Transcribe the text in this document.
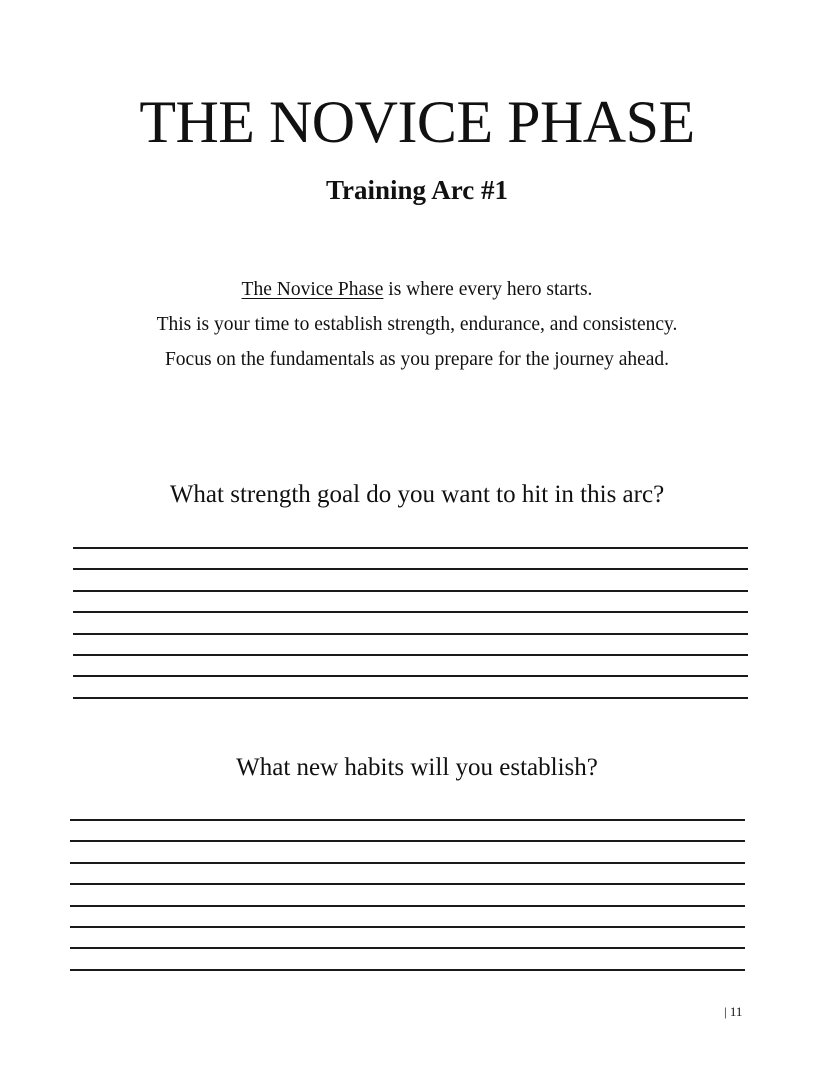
THE NOVICE PHASE
Training Arc #1
The Novice Phase is where every hero starts.
This is your time to establish strength, endurance, and consistency.
Focus on the fundamentals as you prepare for the journey ahead.

What strength goal do you want to hit in this arc?

What new habits will you establish?

| 11
